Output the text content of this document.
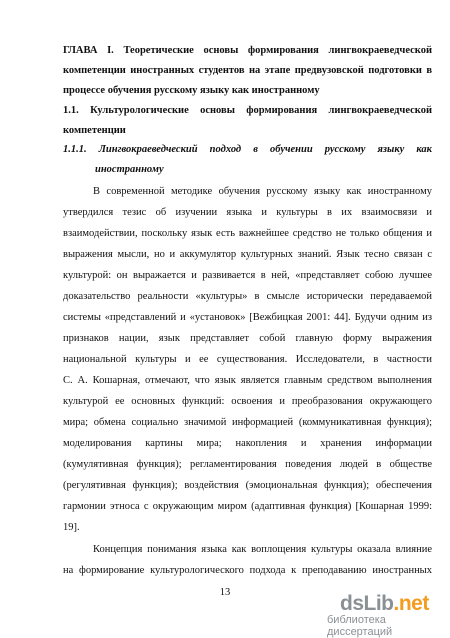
ГЛАВА I. Теоретические основы формирования лингвокраеведческой
компетенции иностранных студентов на этапе предвузовской подготовки в
процессе обучения русскому языку как иностранному
1.1. Культурологические основы формирования лингвокраеведческой
компетенции
1.1.1. Лингвокраеведческий подход в обучении русскому языку как
иностранному
В современной методике обучения русскому языку как иностранному
утвердился тезис об изучении языка и культуры в их взаимосвязи и
взаимодействии, поскольку язык есть важнейшее средство не только общения и
выражения мысли, но и аккумулятор культурных знаний. Язык тесно связан с
культурой: он выражается и развивается в ней, «представляет собою лучшее
доказательство реальности «культуры» в смысле исторически передаваемой
системы «представлений и «установок» [Вежбицкая 2001: 44]. Будучи одним из
признаков нации, язык представляет собой главную форму выражения
национальной культуры и ее существования. Исследователи, в частности
С. А. Кошарная, отмечают, что язык является главным средством выполнения
культурой ее основных функций: освоения и преобразования окружающего
мира; обмена социально значимой информацией (коммуникативная функция);
моделирования картины мира; накопления и хранения информации
(кумулятивная функция); регламентирования поведения людей в обществе
(регулятивная функция); воздействия (эмоциональная функция); обеспечения
гармонии этноса с окружающим миром (адаптивная функция) [Кошарная 1999:
19].
Концепция понимания языка как воплощения культуры оказала влияние
на формирование культурологического подхода к преподаванию иностранных
13	dsLib.net
библиотека диссертаций
